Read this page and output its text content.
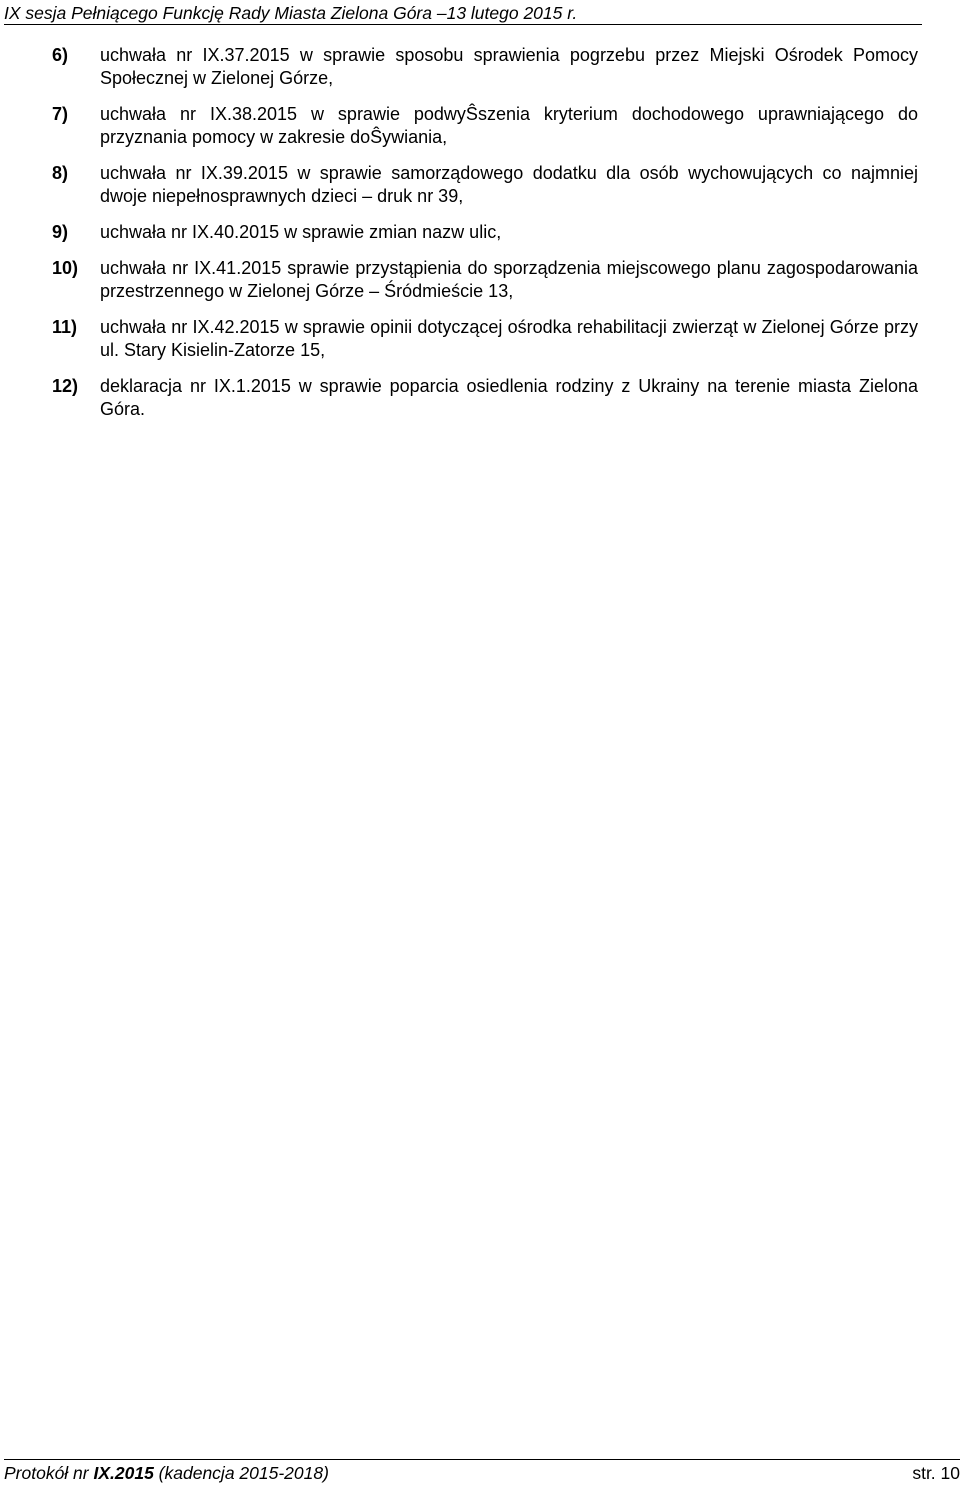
IX sesja Pełniącego Funkcję Rady Miasta Zielona Góra –13 lutego 2015 r.
6)	uchwała nr IX.37.2015 w sprawie sposobu sprawienia pogrzebu przez Miejski Ośrodek Pomocy Społecznej w Zielonej Górze,
7)	uchwała nr IX.38.2015 w sprawie podwyŜszenia kryterium dochodowego uprawniającego do przyznania pomocy w zakresie doŜywiania,
8)	uchwała nr IX.39.2015 w sprawie samorządowego dodatku dla osób wychowujących co najmniej dwoje niepełnosprawnych dzieci – druk nr 39,
9)	uchwała nr IX.40.2015 w sprawie zmian nazw ulic,
10)	uchwała nr IX.41.2015 sprawie przystąpienia do sporządzenia miejscowego planu zagospodarowania przestrzennego w Zielonej Górze – Śródmieście 13,
11)	uchwała nr IX.42.2015 w sprawie opinii dotyczącej ośrodka rehabilitacji zwierząt w Zielonej Górze przy ul. Stary Kisielin-Zatorze 15,
12)	deklaracja nr IX.1.2015 w sprawie poparcia osiedlenia rodziny z Ukrainy na terenie miasta Zielona Góra.
Protokół nr IX.2015 (kadencja 2015-2018)	str. 10
